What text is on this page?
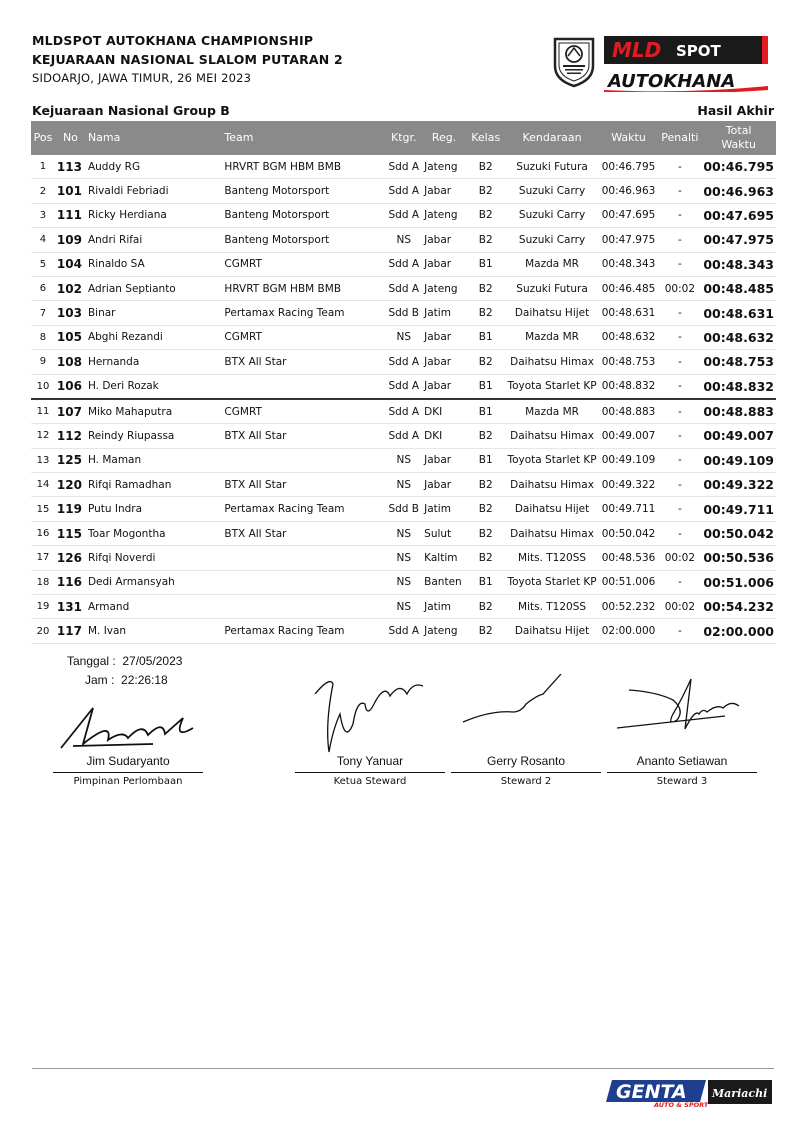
MLDSPOT AUTOKHANA CHAMPIONSHIP
KEJUARAAN NASIONAL SLALOM PUTARAN 2
SIDOARJO, JAWA TIMUR, 26 MEI 2023
MLD SPOT
AUTOKHANA
Kejuaraan Nasional Group B	Hasil Akhir
Pos	No	Nama	Team	Ktgr.	Reg.	Kelas	Kendaraan	Waktu	Penalti	Total
Waktu
1	113	Auddy RG	HRVRT BGM HBM BMB	Sdd A	Jateng	B2	Suzuki Futura	00:46.795	-	00:46.795
2	101	Rivaldi Febriadi	Banteng Motorsport	Sdd A	Jabar	B2	Suzuki Carry	00:46.963	-	00:46.963
3	111	Ricky Herdiana	Banteng Motorsport	Sdd A	Jateng	B2	Suzuki Carry	00:47.695	-	00:47.695
4	109	Andri Rifai	Banteng Motorsport	NS	Jabar	B2	Suzuki Carry	00:47.975	-	00:47.975
5	104	Rinaldo SA	CGMRT	Sdd A	Jabar	B1	Mazda MR	00:48.343	-	00:48.343
6	102	Adrian Septianto	HRVRT BGM HBM BMB	Sdd A	Jateng	B2	Suzuki Futura	00:46.485	00:02	00:48.485
7	103	Binar	Pertamax Racing Team	Sdd B	Jatim	B2	Daihatsu Hijet	00:48.631	-	00:48.631
8	105	Abghi Rezandi	CGMRT	NS	Jabar	B1	Mazda MR	00:48.632	-	00:48.632
9	108	Hernanda	BTX All Star	Sdd A	Jabar	B2	Daihatsu Himax	00:48.753	-	00:48.753
10	106	H. Deri Rozak		Sdd A	Jabar	B1	Toyota Starlet KP	00:48.832	-	00:48.832
11	107	Miko Mahaputra	CGMRT	Sdd A	DKI	B1	Mazda MR	00:48.883	-	00:48.883
12	112	Reindy Riupassa	BTX All Star	Sdd A	DKI	B2	Daihatsu Himax	00:49.007	-	00:49.007
13	125	H. Maman		NS	Jabar	B1	Toyota Starlet KP	00:49.109	-	00:49.109
14	120	Rifqi Ramadhan	BTX All Star	NS	Jabar	B2	Daihatsu Himax	00:49.322	-	00:49.322
15	119	Putu Indra	Pertamax Racing Team	Sdd B	Jatim	B2	Daihatsu Hijet	00:49.711	-	00:49.711
16	115	Toar Mogontha	BTX All Star	NS	Sulut	B2	Daihatsu Himax	00:50.042	-	00:50.042
17	126	Rifqi Noverdi		NS	Kaltim	B2	Mits. T120SS	00:48.536	00:02	00:50.536
18	116	Dedi Armansyah		NS	Banten	B1	Toyota Starlet KP	00:51.006	-	00:51.006
19	131	Armand		NS	Jatim	B2	Mits. T120SS	00:52.232	00:02	00:54.232
20	117	M. Ivan	Pertamax Racing Team	Sdd A	Jateng	B2	Daihatsu Hijet	02:00.000	-	02:00.000
Tanggal : 27/05/2023
Jam : 22:26:18
Jim Sudaryanto
Pimpinan Perlombaan
Tony Yanuar
Ketua Steward
Gerry Rosanto
Steward 2
Ananto Setiawan
Steward 3
GENTA
AUTO & SPORT
Mariachi
